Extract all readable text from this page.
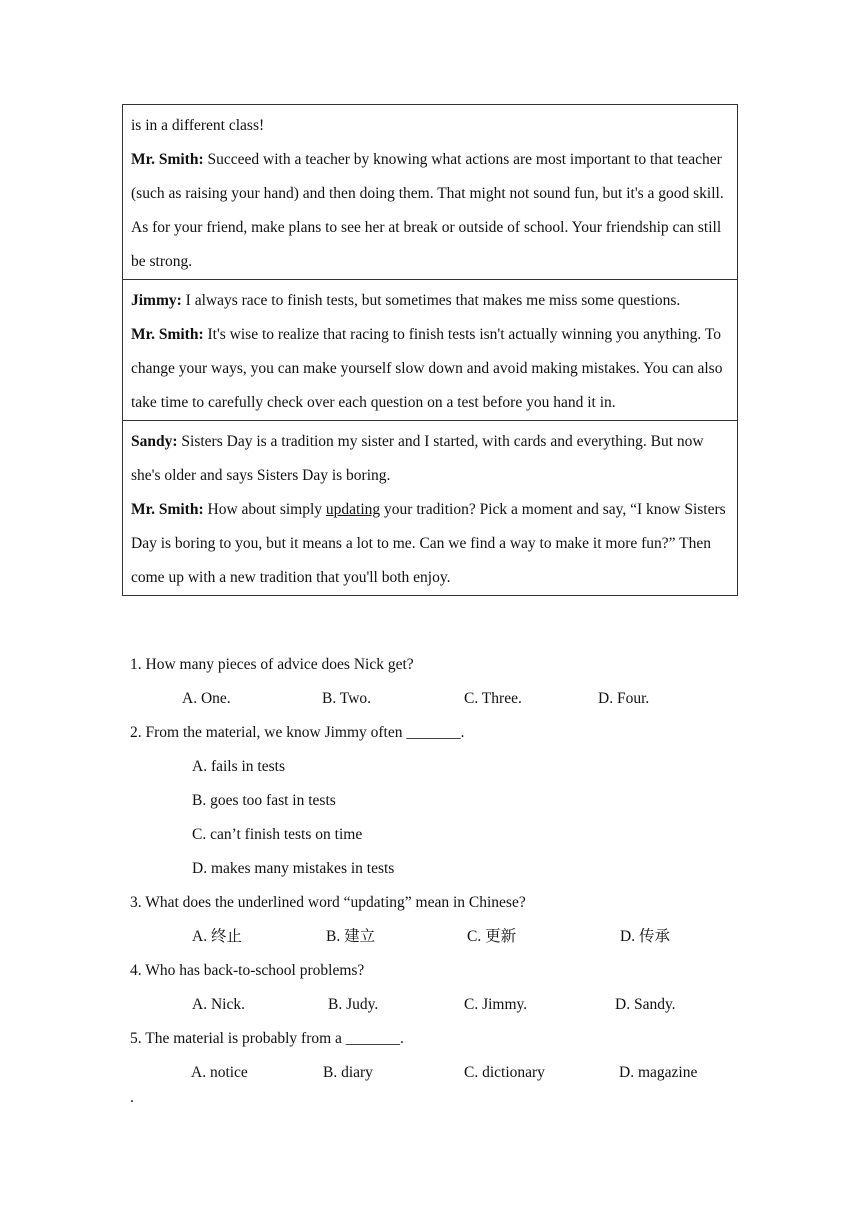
is in a different class!
Mr. Smith: Succeed with a teacher by knowing what actions are most important to that teacher (such as raising your hand) and then doing them. That might not sound fun, but it's a good skill. As for your friend, make plans to see her at break or outside of school. Your friendship can still be strong.

Jimmy: I always race to finish tests, but sometimes that makes me miss some questions.
Mr. Smith: It's wise to realize that racing to finish tests isn't actually winning you anything. To change your ways, you can make yourself slow down and avoid making mistakes. You can also take time to carefully check over each question on a test before you hand it in.

Sandy: Sisters Day is a tradition my sister and I started, with cards and everything. But now she's older and says Sisters Day is boring.
Mr. Smith: How about simply updating your tradition? Pick a moment and say, “I know Sisters Day is boring to you, but it means a lot to me. Can we find a way to make it more fun?” Then come up with a new tradition that you'll both enjoy.
1. How many pieces of advice does Nick get?
A. One.	B. Two.	C. Three.	D. Four.
2. From the material, we know Jimmy often _______.
A. fails in tests
B. goes too fast in tests
C. can’t finish tests on time
D. makes many mistakes in tests
3. What does the underlined word “updating” mean in Chinese?
A. 终止	B. 建立	C. 更新	D. 传承
4. Who has back-to-school problems?
A. Nick.	B. Judy.	C. Jimmy.	D. Sandy.
5. The material is probably from a _______.
A. notice	B. diary	C. dictionary	D. magazine
.
